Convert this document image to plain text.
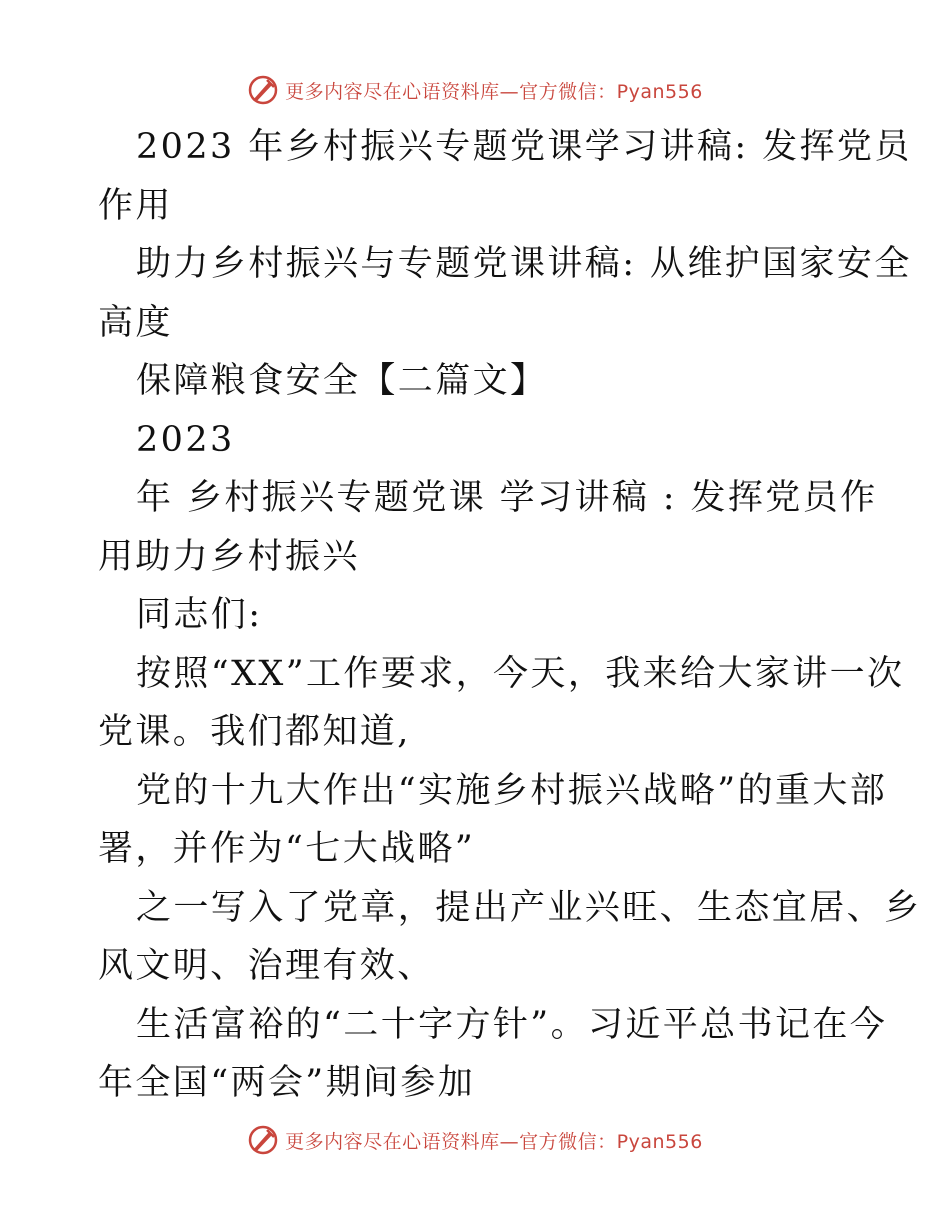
更多内容尽在心语资料库—官方微信：Pyan556

2023 年乡村振兴专题党课学习讲稿: 发挥党员

作用

助力乡村振兴与专题党课讲稿: 从维护国家安全

高度

保障粮食安全【二篇文】

2023

年 乡村振兴专题党课 学习讲稿 : 发挥党员作

用助力乡村振兴

同志们:

按照“XX”工作要求，今天，我来给大家讲一次

党课。我们都知道,

党的十九大作出“实施乡村振兴战略”的重大部

署，并作为“七大战略”

之一写入了党章，提出产业兴旺、生态宜居、乡

风文明、治理有效、

生活富裕的“二十字方针”。习近平总书记在今

年全国“两会”期间参加

更多内容尽在心语资料库—官方微信：Pyan556
